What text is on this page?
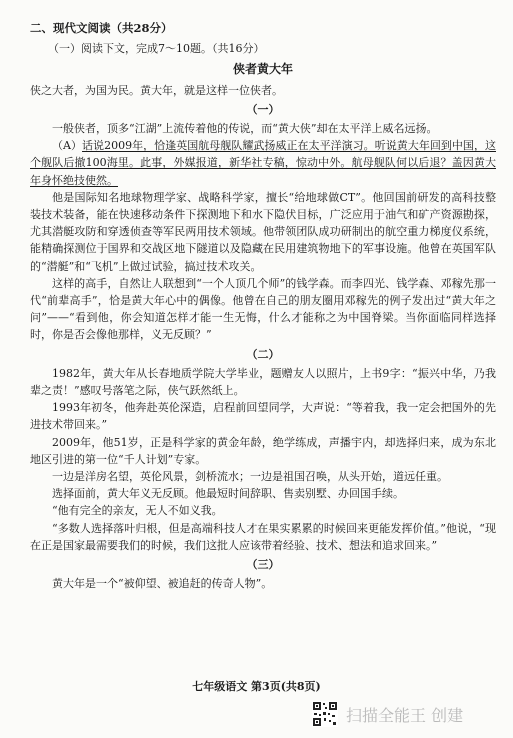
二、现代文阅读（共28分）
（一）阅读下文，完成7～10题。（共16分）
侠者黄大年

侠之大者，为国为民。黄大年，就是这样一位侠者。

（一）

一般侠者，顶多“江湖”上流传着他的传说，而“黄大侠”却在太平洋上威名远扬。

（A）话说2009年，恰逢英国航母舰队耀武扬威正在太平洋演习。听说黄大年回到中国，这个舰队后撤100海里。此事，外媒报道，新华社专稿，惊动中外。航母舰队何以后退？盖因黄大年身怀绝技使然。

他是国际知名地球物理学家、战略科学家，擅长“给地球做CT”。他回国前研发的高科技整装技术装备，能在快速移动条件下探测地下和水下隐伏目标，广泛应用于油气和矿产资源勘探，尤其潜艇攻防和穿透侦查等军民两用技术领域。他带领团队成功研制出的航空重力梯度仪系统，能精确探测位于国界和交战区地下隧道以及隐藏在民用建筑物地下的军事设施。他曾在英国军队的“潜艇”和“飞机”上做过试验，搞过技术攻关。

这样的高手，自然让人联想到“一个人顶几个师”的钱学森。而李四光、钱学森、邓稼先那一代“前辈高手”，恰是黄大年心中的偶像。他曾在自己的朋友圈用邓稼先的例子发出过“黄大年之问”——“看到他，你会知道怎样才能一生无悔，什么才能称之为中国脊梁。当你面临同样选择时，你是否会像他那样，义无反顾？”

（二）

1982年，黄大年从长春地质学院大学毕业，题赠友人以照片，上书9字：“振兴中华，乃我辈之责！”感叹号落笔之际，侠气跃然纸上。

1993年初冬，他奔赴英伦深造，启程前回望同学，大声说：“等着我，我一定会把国外的先进技术带回来。”

2009年，他51岁，正是科学家的黄金年龄，绝学练成，声播宇内，却选择归来，成为东北地区引进的第一位“千人计划”专家。

一边是洋房名望，英伦风景，剑桥流水；一边是祖国召唤，从头开始，道远任重。

选择面前，黄大年义无反顾。他最短时间辞职、售卖别墅、办回国手续。

“他有完全的亲友，无人不如义我。

“多数人选择落叶归根，但是高端科技人才在果实累累的时候回来更能发挥价值。”他说，“现在正是国家最需要我们的时候，我们这批人应该带着经验、技术、想法和追求回来。”

（三）

黄大年是一个“被仰望、被追赶的传奇人物”。

七年级语文 第3页(共8页)
扫描全能王 创建
